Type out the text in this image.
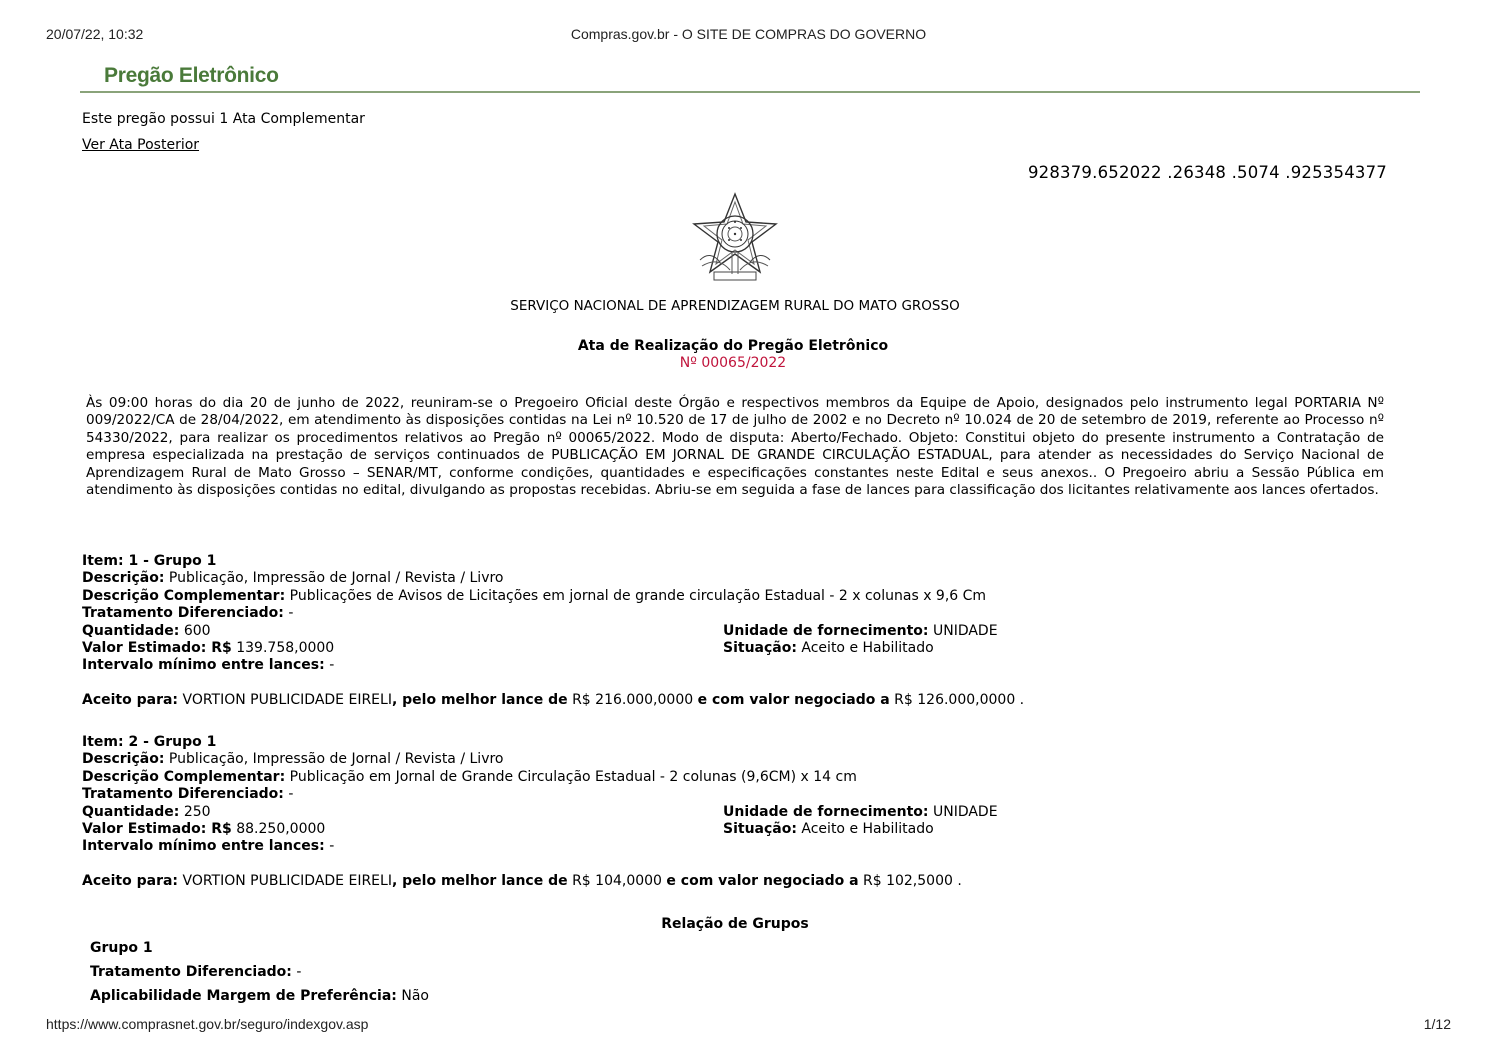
20/07/22, 10:32	Compras.gov.br - O SITE DE COMPRAS DO GOVERNO
Pregão Eletrônico
Este pregão possui 1 Ata Complementar
Ver Ata Posterior
928379.652022 .26348 .5074 .925354377
SERVIÇO NACIONAL DE APRENDIZAGEM RURAL DO MATO GROSSO
Ata de Realização do Pregão Eletrônico
Nº 00065/2022
Às 09:00 horas do dia 20 de junho de 2022, reuniram-se o Pregoeiro Oficial deste Órgão e respectivos membros da Equipe de Apoio, designados pelo instrumento legal PORTARIA Nº 009/2022/CA de 28/04/2022, em atendimento às disposições contidas na Lei nº 10.520 de 17 de julho de 2002 e no Decreto nº 10.024 de 20 de setembro de 2019, referente ao Processo nº 54330/2022, para realizar os procedimentos relativos ao Pregão nº 00065/2022. Modo de disputa: Aberto/Fechado. Objeto: Constitui objeto do presente instrumento a Contratação de empresa especializada na prestação de serviços continuados de PUBLICAÇÃO EM JORNAL DE GRANDE CIRCULAÇÃO ESTADUAL, para atender as necessidades do Serviço Nacional de Aprendizagem Rural de Mato Grosso – SENAR/MT, conforme condições, quantidades e especificações constantes neste Edital e seus anexos.. O Pregoeiro abriu a Sessão Pública em atendimento às disposições contidas no edital, divulgando as propostas recebidas. Abriu-se em seguida a fase de lances para classificação dos licitantes relativamente aos lances ofertados.
Item: 1 - Grupo 1
Descrição: Publicação, Impressão de Jornal / Revista / Livro
Descrição Complementar: Publicações de Avisos de Licitações em jornal de grande circulação Estadual - 2 x colunas x 9,6 Cm
Tratamento Diferenciado: -
Quantidade: 600	Unidade de fornecimento: UNIDADE
Valor Estimado: R$ 139.758,0000	Situação: Aceito e Habilitado
Intervalo mínimo entre lances: -
Aceito para: VORTION PUBLICIDADE EIRELI, pelo melhor lance de R$ 216.000,0000 e com valor negociado a R$ 126.000,0000 .
Item: 2 - Grupo 1
Descrição: Publicação, Impressão de Jornal / Revista / Livro
Descrição Complementar: Publicação em Jornal de Grande Circulação Estadual - 2 colunas (9,6CM) x 14 cm
Tratamento Diferenciado: -
Quantidade: 250	Unidade de fornecimento: UNIDADE
Valor Estimado: R$ 88.250,0000	Situação: Aceito e Habilitado
Intervalo mínimo entre lances: -
Aceito para: VORTION PUBLICIDADE EIRELI, pelo melhor lance de R$ 104,0000 e com valor negociado a R$ 102,5000 .
Relação de Grupos
Grupo 1
Tratamento Diferenciado: -
Aplicabilidade Margem de Preferência: Não
https://www.comprasnet.gov.br/seguro/indexgov.asp	1/12
